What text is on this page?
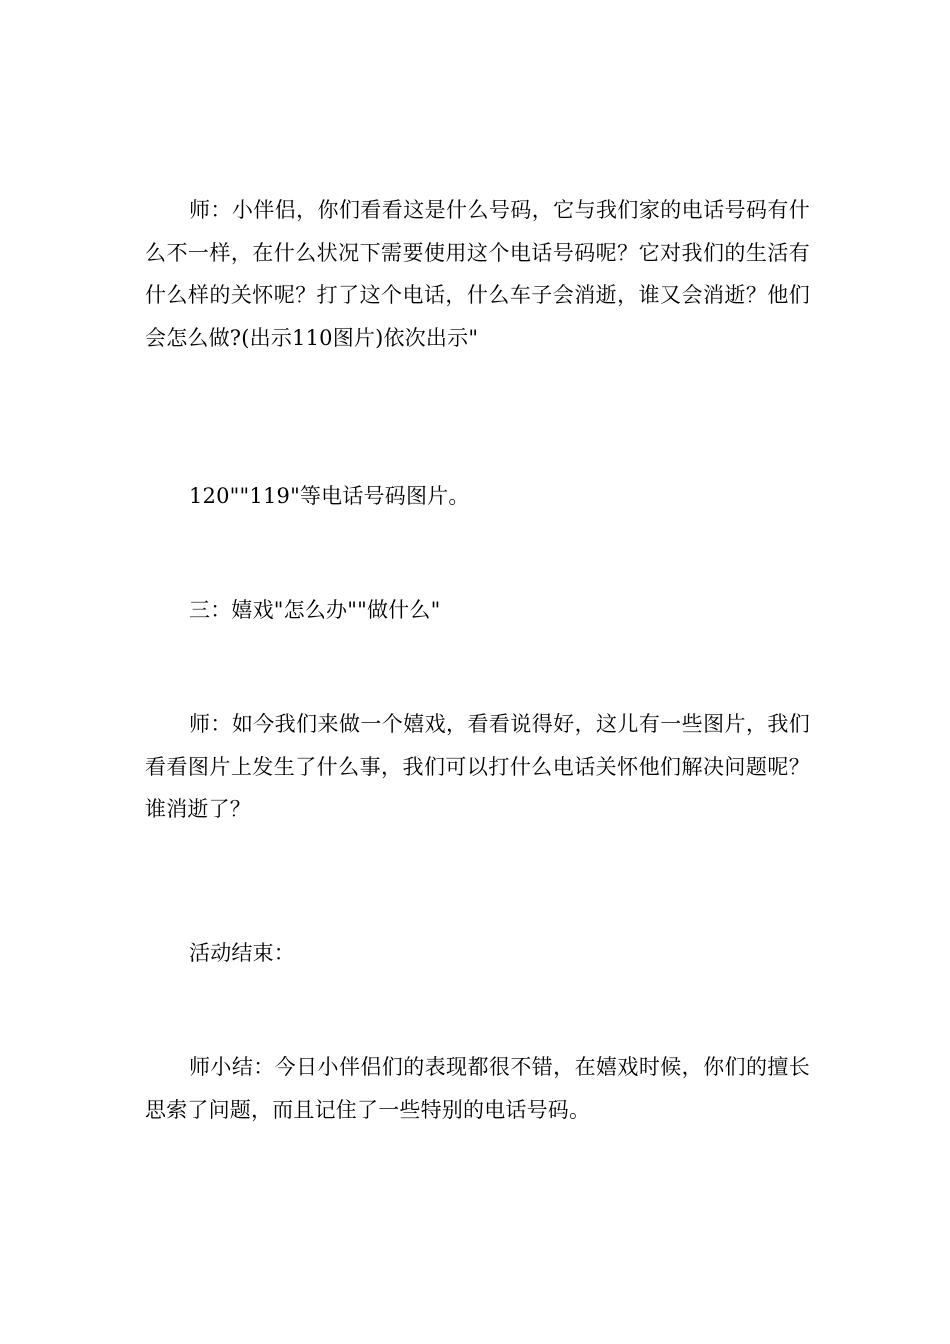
师：小伴侣，你们看看这是什么号码，它与我们家的电话号码有什么不一样，在什么状况下需要使用这个电话号码呢？它对我们的生活有什么样的关怀呢？打了这个电话，什么车子会消逝，谁又会消逝？他们会怎么做?(出示110图片)依次出示"

120""119"等电话号码图片。

三：嬉戏"怎么办""做什么"

师：如今我们来做一个嬉戏，看看说得好，这儿有一些图片，我们看看图片上发生了什么事，我们可以打什么电话关怀他们解决问题呢？谁消逝了？

活动结束：

师小结：今日小伴侣们的表现都很不错，在嬉戏时候，你们的擅长思索了问题，而且记住了一些特别的电话号码。
